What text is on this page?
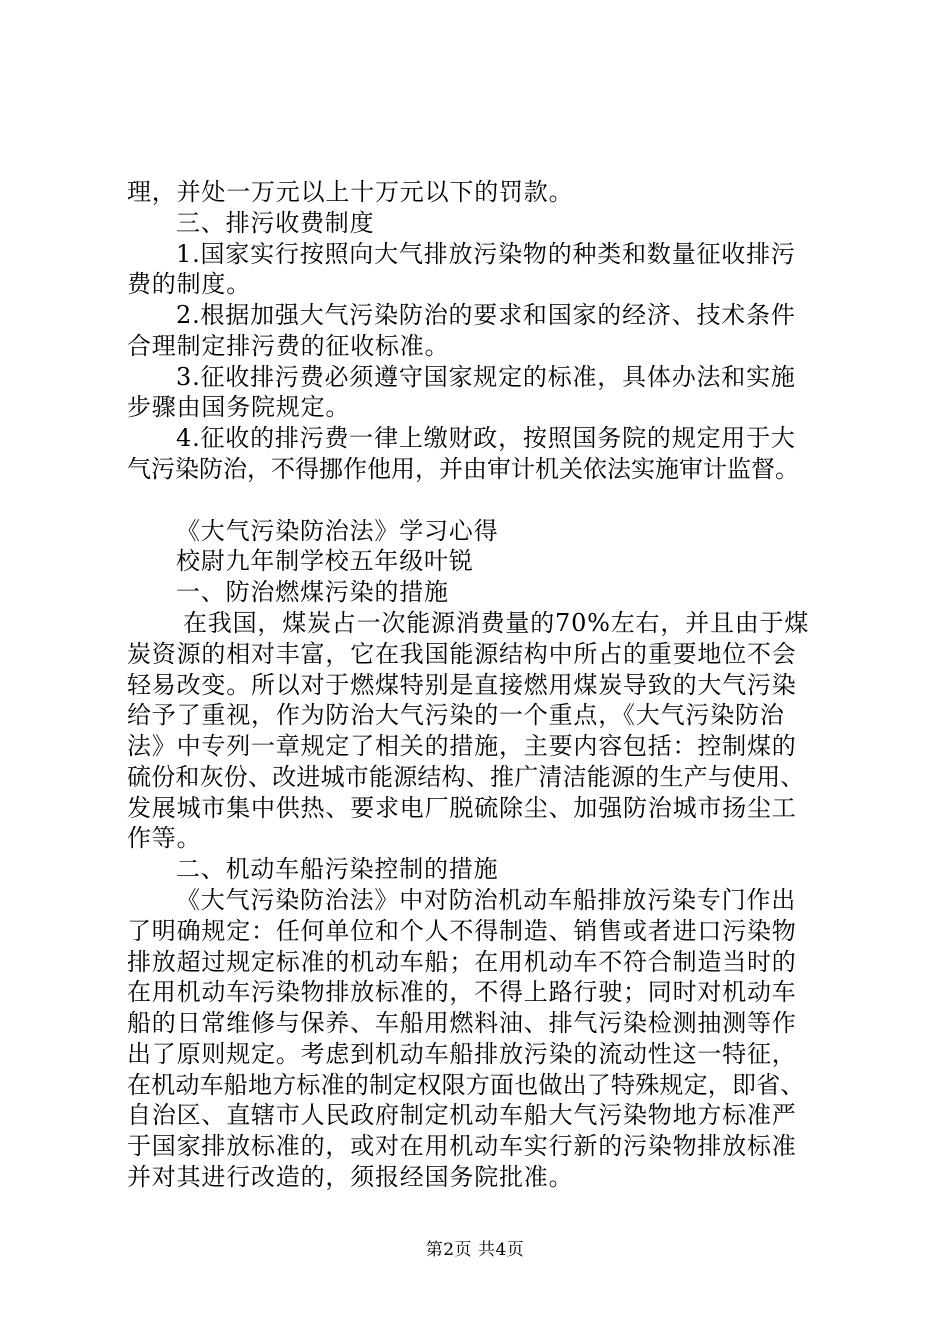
理，并处一万元以上十万元以下的罚款。
三、排污收费制度
1.国家实行按照向大气排放污染物的种类和数量征收排污
费的制度。
2.根据加强大气污染防治的要求和国家的经济、技术条件
合理制定排污费的征收标准。
3.征收排污费必须遵守国家规定的标准，具体办法和实施
步骤由国务院规定。
4.征收的排污费一律上缴财政，按照国务院的规定用于大
气污染防治，不得挪作他用，并由审计机关依法实施审计监督。
《大气污染防治法》学习心得
校尉九年制学校五年级叶锐
一、防治燃煤污染的措施
在我国，煤炭占一次能源消费量的70%左右，并且由于煤
炭资源的相对丰富，它在我国能源结构中所占的重要地位不会
轻易改变。所以对于燃煤特别是直接燃用煤炭导致的大气污染
给予了重视，作为防治大气污染的一个重点，《大气污染防治
法》中专列一章规定了相关的措施，主要内容包括：控制煤的
硫份和灰份、改进城市能源结构、推广清洁能源的生产与使用、
发展城市集中供热、要求电厂脱硫除尘、加强防治城市扬尘工
作等。
二、机动车船污染控制的措施
《大气污染防治法》中对防治机动车船排放污染专门作出
了明确规定：任何单位和个人不得制造、销售或者进口污染物
排放超过规定标准的机动车船；在用机动车不符合制造当时的
在用机动车污染物排放标准的，不得上路行驶；同时对机动车
船的日常维修与保养、车船用燃料油、排气污染检测抽测等作
出了原则规定。考虑到机动车船排放污染的流动性这一特征，
在机动车船地方标准的制定权限方面也做出了特殊规定，即省、
自治区、直辖市人民政府制定机动车船大气污染物地方标准严
于国家排放标准的，或对在用机动车实行新的污染物排放标准
并对其进行改造的，须报经国务院批准。
第2页 共4页
